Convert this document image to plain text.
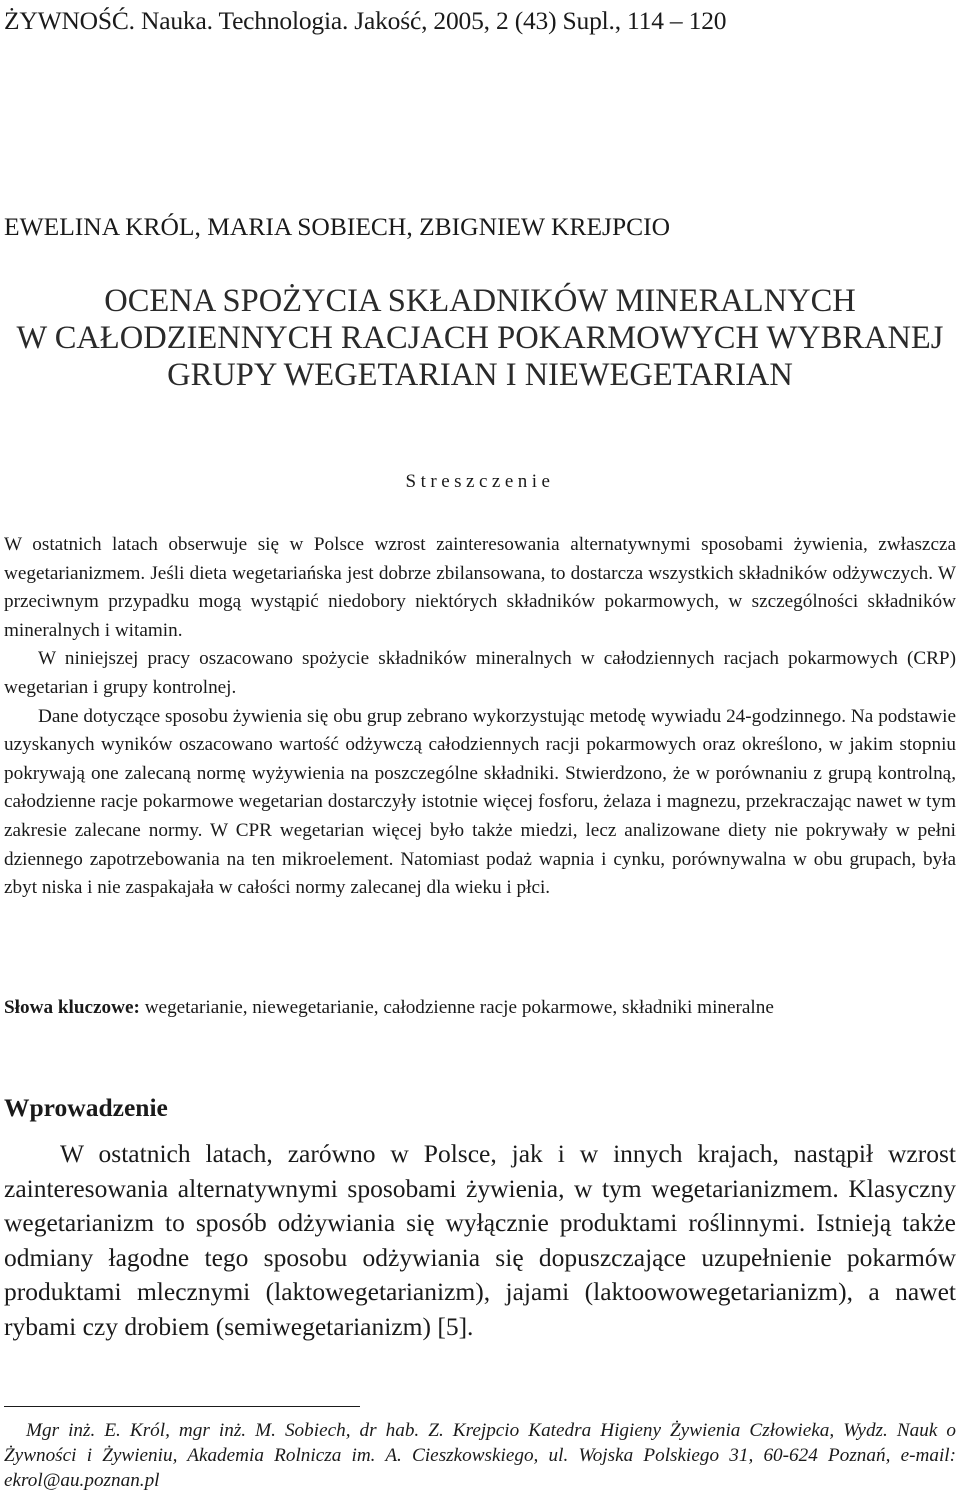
ŻYWNOŚĆ. Nauka. Technologia. Jakość, 2005, 2 (43) Supl., 114 – 120
EWELINA KRÓL, MARIA SOBIECH, ZBIGNIEW KREJPCIO
OCENA SPOŻYCIA SKŁADNIKÓW MINERALNYCH
W CAŁODZIENNYCH RACJACH POKARMOWYCH WYBRANEJ
GRUPY WEGETARIAN I NIEWEGETARIAN
Streszczenie

W ostatnich latach obserwuje się w Polsce wzrost zainteresowania alternatywnymi sposobami żywienia, zwłaszcza wegetarianizmem. Jeśli dieta wegetariańska jest dobrze zbilansowana, to dostarcza wszystkich składników odżywczych. W przeciwnym przypadku mogą wystąpić niedobory niektórych składników pokarmowych, w szczególności składników mineralnych i witamin.

W niniejszej pracy oszacowano spożycie składników mineralnych w całodziennych racjach pokarmowych (CRP) wegetarian i grupy kontrolnej.

Dane dotyczące sposobu żywienia się obu grup zebrano wykorzystując metodę wywiadu 24-godzinnego. Na podstawie uzyskanych wyników oszacowano wartość odżywczą całodziennych racji pokarmowych oraz określono, w jakim stopniu pokrywają one zalecaną normę wyżywienia na poszczególne składniki. Stwierdzono, że w porównaniu z grupą kontrolną, całodzienne racje pokarmowe wegetarian dostarczyły istotnie więcej fosforu, żelaza i magnezu, przekraczając nawet w tym zakresie zalecane normy. W CPR wegetarian więcej było także miedzi, lecz analizowane diety nie pokrywały w pełni dziennego zapotrzebowania na ten mikroelement. Natomiast podaż wapnia i cynku, porównywalna w obu grupach, była zbyt niska i nie zaspakajała w całości normy zalecanej dla wieku i płci.

Słowa kluczowe: wegetarianie, niewegetarianie, całodzienne racje pokarmowe, składniki mineralne
Wprowadzenie

W ostatnich latach, zarówno w Polsce, jak i w innych krajach, nastąpił wzrost zainteresowania alternatywnymi sposobami żywienia, w tym wegetarianizmem. Klasyczny wegetarianizm to sposób odżywiania się wyłącznie produktami roślinnymi. Istnieją także odmiany łagodne tego sposobu odżywiania się dopuszczające uzupełnienie pokarmów produktami mlecznymi (laktowegetarianizm), jajami (laktoowowegetarianizm), a nawet rybami czy drobiem (semiwegetarianizm) [5].

Mgr inż. E. Król, mgr inż. M. Sobiech, dr hab. Z. Krejpcio Katedra Higieny Żywienia Człowieka, Wydz. Nauk o Żywności i Żywieniu, Akademia Rolnicza im. A. Cieszkowskiego, ul. Wojska Polskiego 31, 60-624 Poznań, e-mail: ekrol@au.poznan.pl
